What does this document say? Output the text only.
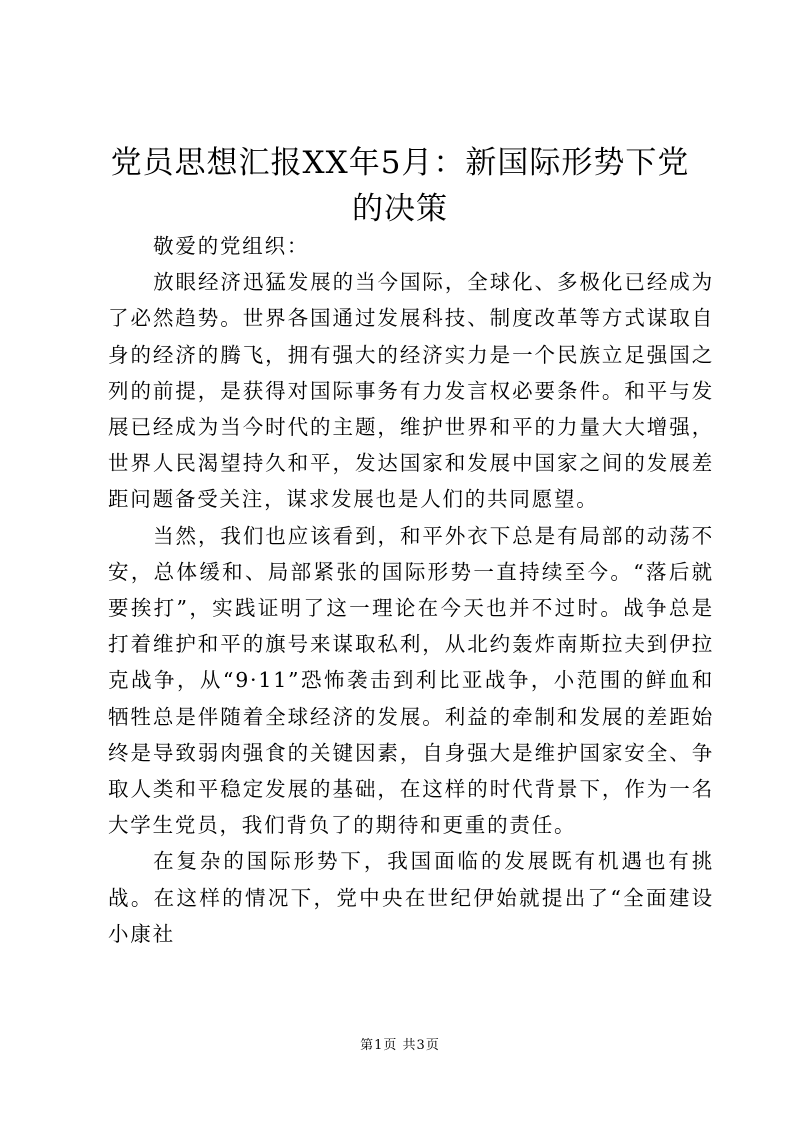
党员思想汇报XX年5月：新国际形势下党的决策

敬爱的党组织：

放眼经济迅猛发展的当今国际，全球化、多极化已经成为了必然趋势。世界各国通过发展科技、制度改革等方式谋取自身的经济的腾飞，拥有强大的经济实力是一个民族立足强国之列的前提，是获得对国际事务有力发言权必要条件。和平与发展已经成为当今时代的主题，维护世界和平的力量大大增强，世界人民渴望持久和平，发达国家和发展中国家之间的发展差距问题备受关注，谋求发展也是人们的共同愿望。

当然，我们也应该看到，和平外衣下总是有局部的动荡不安，总体缓和、局部紧张的国际形势一直持续至今。“落后就要挨打”，实践证明了这一理论在今天也并不过时。战争总是打着维护和平的旗号来谋取私利，从北约轰炸南斯拉夫到伊拉克战争，从“9·11”恐怖袭击到利比亚战争，小范围的鲜血和牺牲总是伴随着全球经济的发展。利益的牵制和发展的差距始终是导致弱肉强食的关键因素，自身强大是维护国家安全、争取人类和平稳定发展的基础，在这样的时代背景下，作为一名大学生党员，我们背负了的期待和更重的责任。

在复杂的国际形势下，我国面临的发展既有机遇也有挑战。在这样的情况下，党中央在世纪伊始就提出了“全面建设小康社

第1页 共3页
